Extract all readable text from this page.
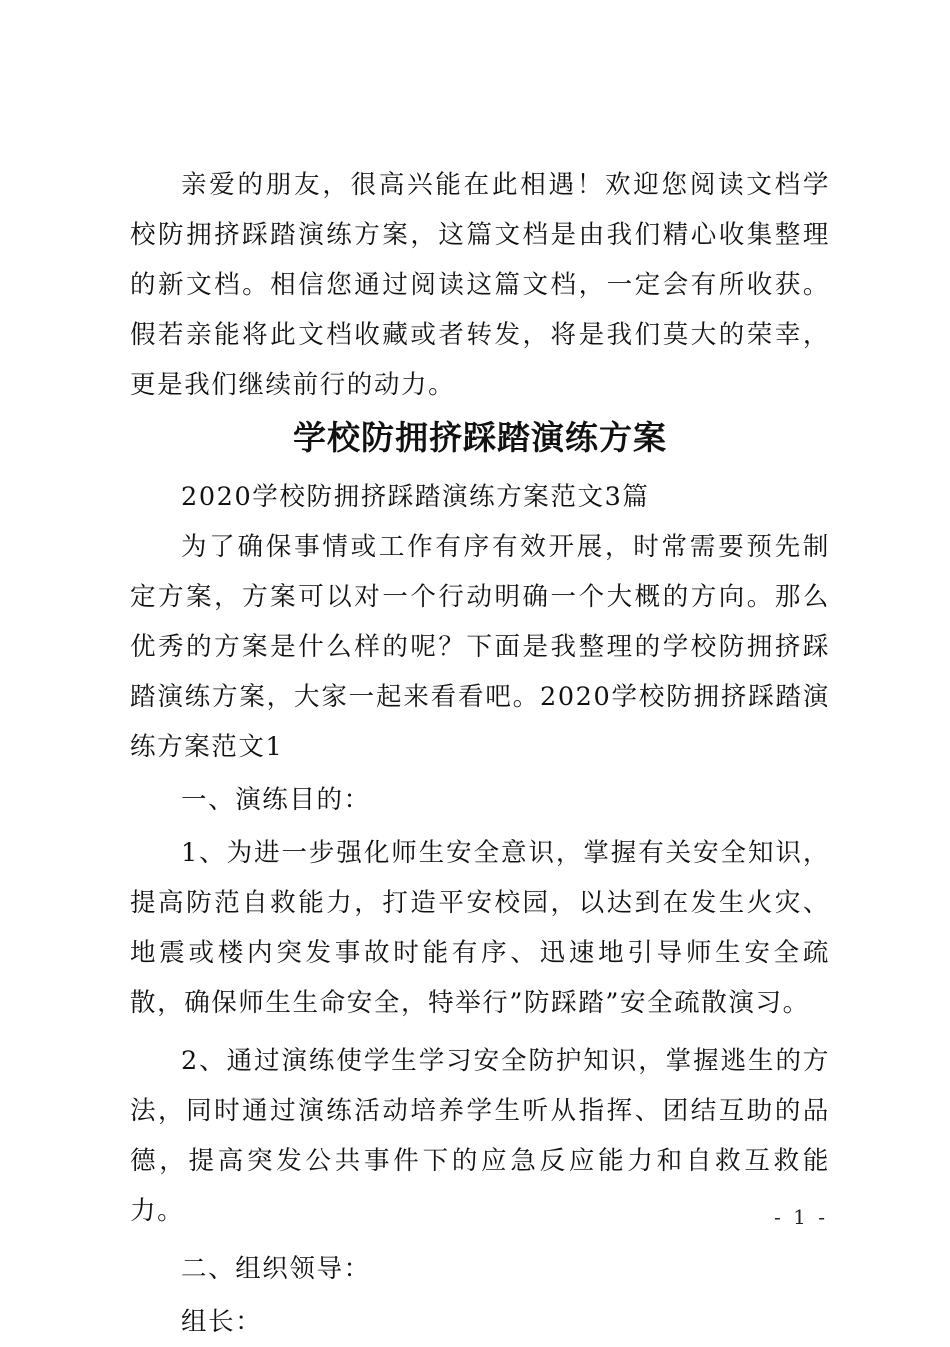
亲爱的朋友，很高兴能在此相遇！欢迎您阅读文档学校防拥挤踩踏演练方案，这篇文档是由我们精心收集整理的新文档。相信您通过阅读这篇文档，一定会有所收获。假若亲能将此文档收藏或者转发，将是我们莫大的荣幸，更是我们继续前行的动力。

学校防拥挤踩踏演练方案

2020学校防拥挤踩踏演练方案范文3篇

为了确保事情或工作有序有效开展，时常需要预先制定方案，方案可以对一个行动明确一个大概的方向。那么优秀的方案是什么样的呢？下面是我整理的学校防拥挤踩踏演练方案，大家一起来看看吧。2020学校防拥挤踩踏演练方案范文1

一、演练目的：

1、为进一步强化师生安全意识，掌握有关安全知识，提高防范自救能力，打造平安校园，以达到在发生火灾、地震或楼内突发事故时能有序、迅速地引导师生安全疏散，确保师生生命安全，特举行”防踩踏”安全疏散演习。

2、通过演练使学生学习安全防护知识，掌握逃生的方法，同时通过演练活动培养学生听从指挥、团结互助的品德，提高突发公共事件下的应急反应能力和自救互救能力。

二、组织领导：

组长：

- 1 -
